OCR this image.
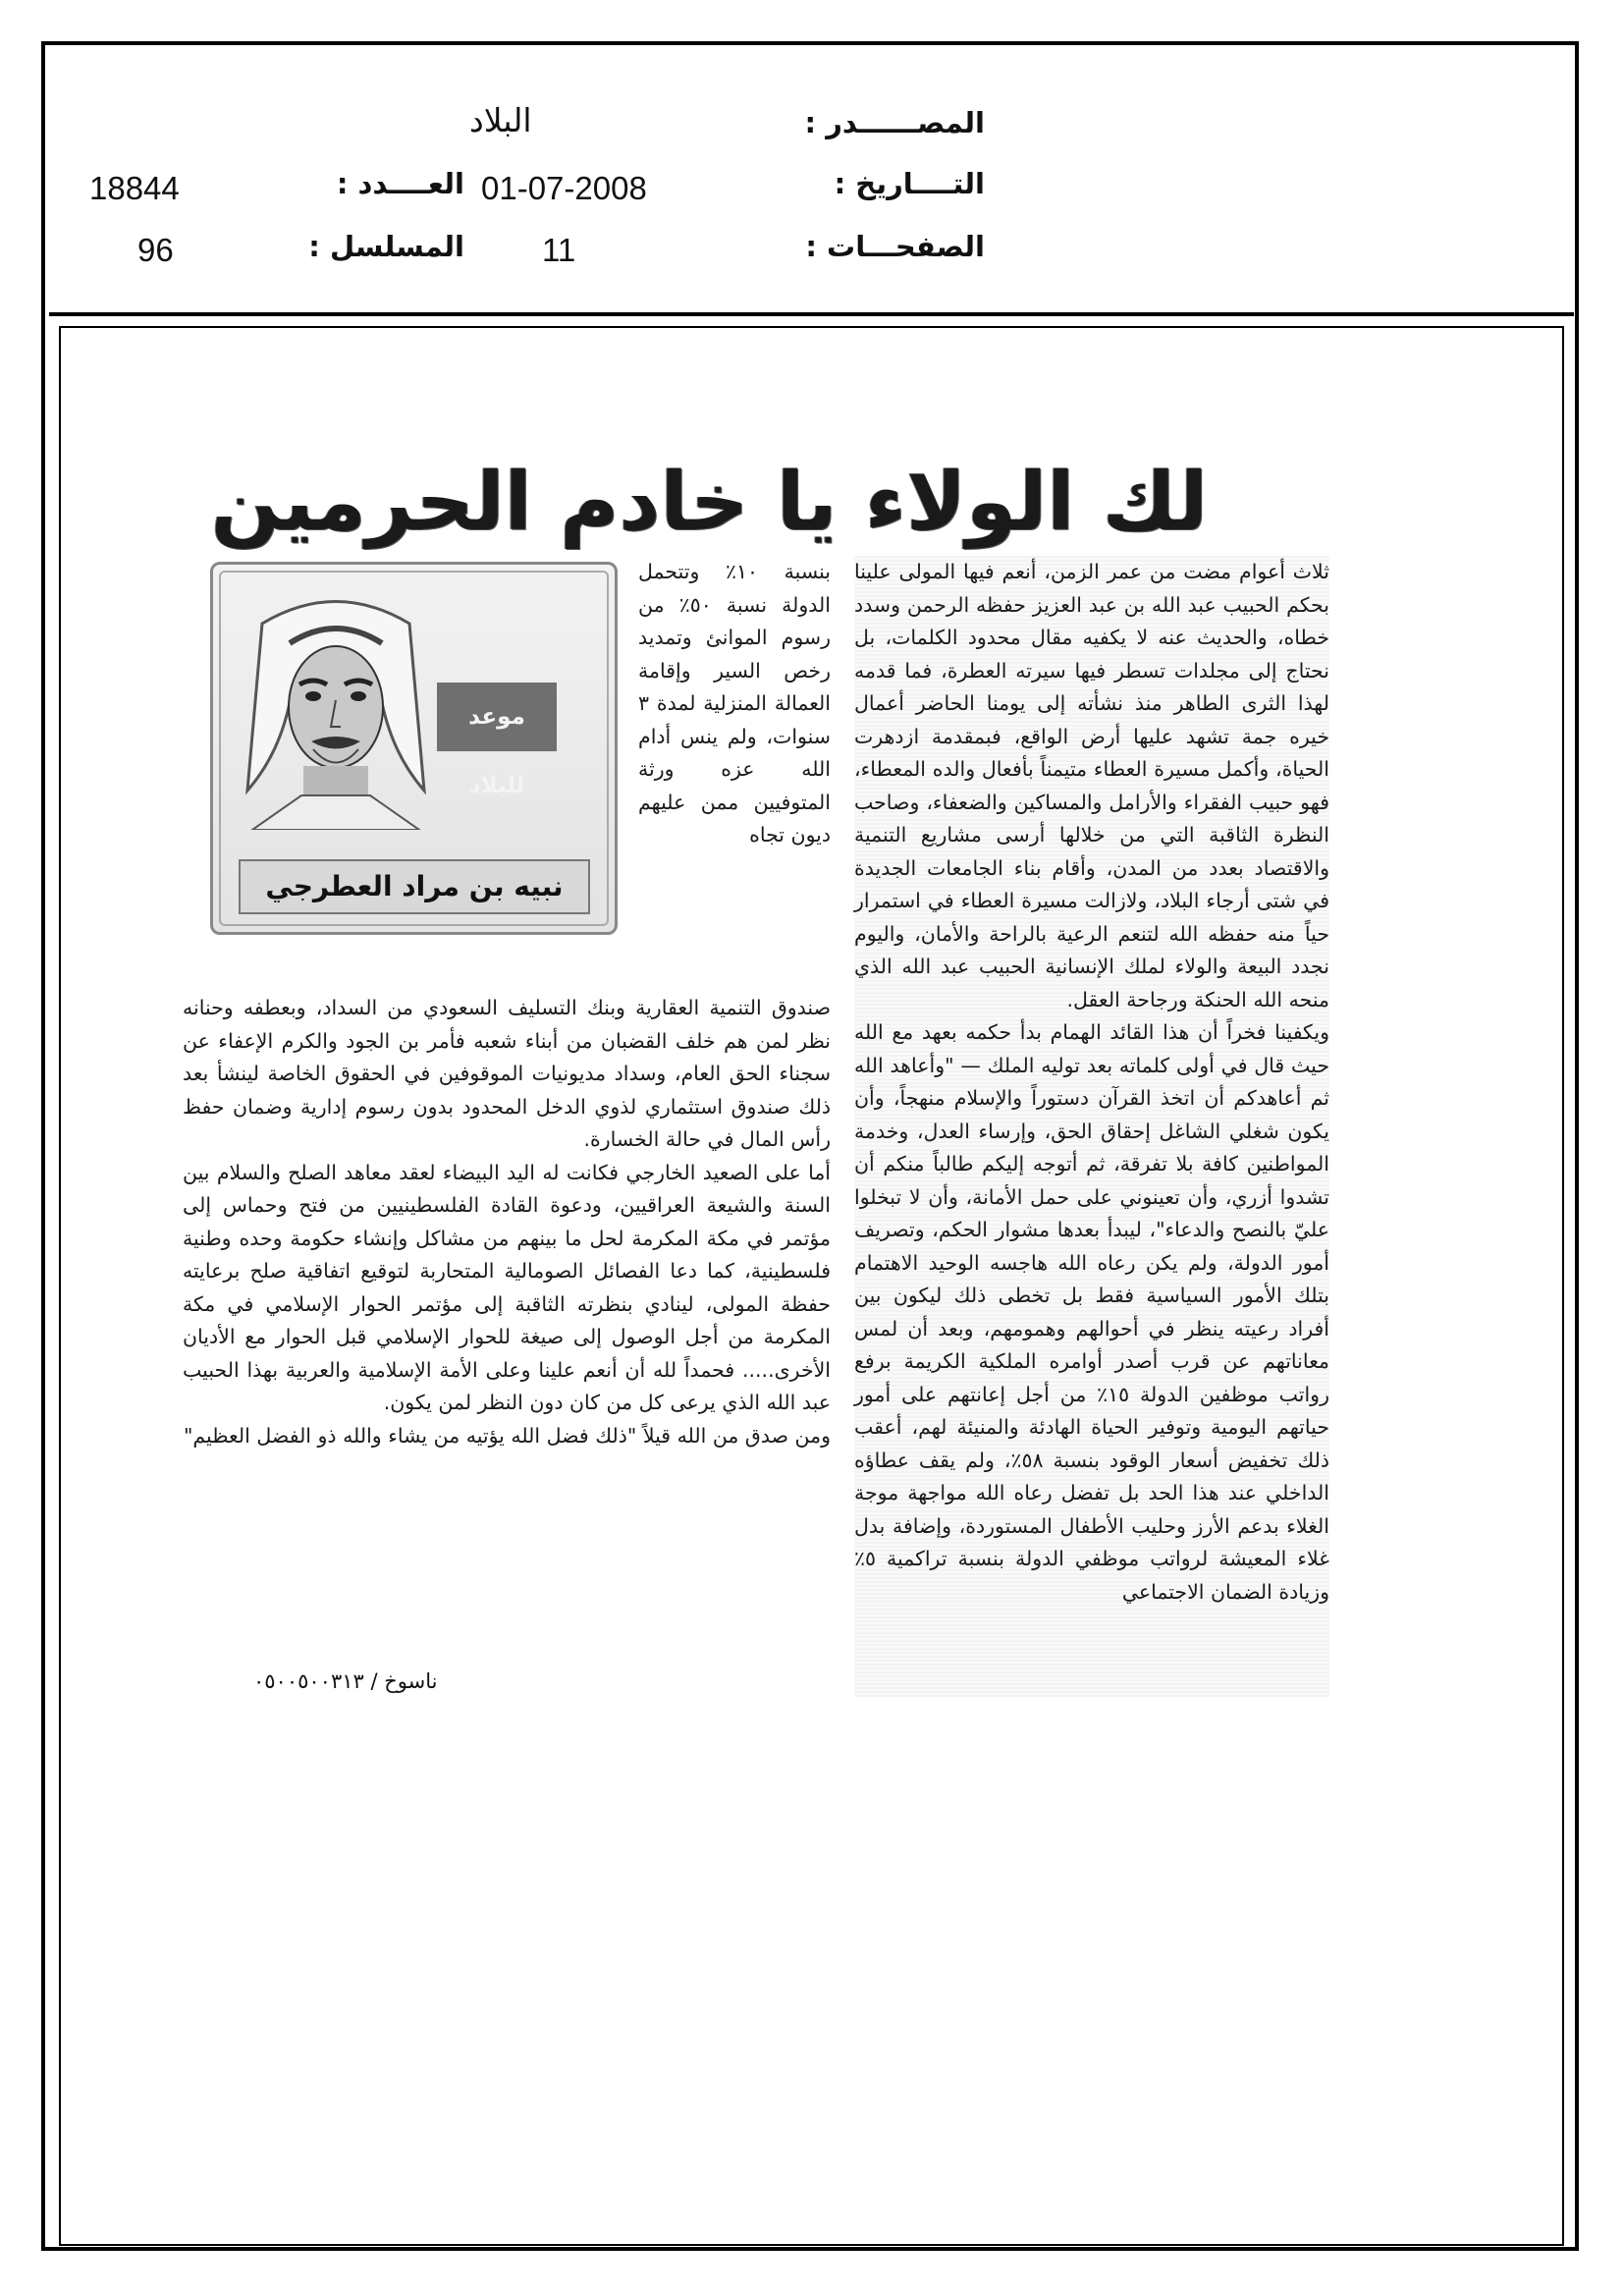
المصــــــدر :
البلاد
التــــاريخ :
01-07-2008
العــــدد :
18844
الصفحـــات :
11
المسلسل :
96
لك الولاء يا خادم الحرمين
موعد للبلاد
نبيه بن مراد العطرجي

ثلاث أعوام مضت من عمر الزمن، أنعم فيها المولى علينا بحكم الحبيب عبد الله بن عبد العزيز حفظه الرحمن وسدد خطاه، والحديث عنه لا يكفيه مقال محدود الكلمات، بل نحتاج إلى مجلدات تسطر فيها سيرته العطرة، فما قدمه لهذا الثرى الطاهر منذ نشأته إلى يومنا الحاضر أعمال خيره جمة تشهد عليها أرض الواقع، فبمقدمة ازدهرت الحياة، وأكمل مسيرة العطاء متيمناً بأفعال والده المعطاء، فهو حبيب الفقراء والأرامل والمساكين والضعفاء، وصاحب النظرة الثاقبة التي من خلالها أرسى مشاريع التنمية والاقتصاد بعدد من المدن، وأقام بناء الجامعات الجديدة في شتى أرجاء البلاد، ولازالت مسيرة العطاء في استمرار حياً منه حفظه الله لتنعم الرعية بالراحة والأمان، واليوم نجدد البيعة والولاء لملك الإنسانية الحبيب عبد الله الذي منحه الله الحنكة ورجاحة العقل.

ويكفينا فخراً أن هذا القائد الهمام بدأ حكمه بعهد مع الله حيث قال في أولى كلماته بعد توليه الملك — "وأعاهد الله ثم أعاهدكم أن اتخذ القرآن دستوراً والإسلام منهجاً، وأن يكون شغلي الشاغل إحقاق الحق، وإرساء العدل، وخدمة المواطنين كافة بلا تفرقة، ثم أتوجه إليكم طالباً منكم أن تشدوا أزري، وأن تعينوني على حمل الأمانة، وأن لا تبخلوا عليّ بالنصح والدعاء"، ليبدأ بعدها مشوار الحكم، وتصريف أمور الدولة، ولم يكن رعاه الله هاجسه الوحيد الاهتمام بتلك الأمور السياسية فقط بل تخطى ذلك ليكون بين أفراد رعيته ينظر في أحوالهم وهمومهم، وبعد أن لمس معاناتهم عن قرب أصدر أوامره الملكية الكريمة برفع رواتب موظفين الدولة ١٥٪ من أجل إعانتهم على أمور حياتهم اليومية وتوفير الحياة الهادئة والمنيئة لهم، أعقب ذلك تخفيض أسعار الوقود بنسبة ٥٨٪، ولم يقف عطاؤه الداخلي عند هذا الحد بل تفضل رعاه الله مواجهة موجة الغلاء بدعم الأرز وحليب الأطفال المستوردة، وإضافة بدل غلاء المعيشة لرواتب موظفي الدولة بنسبة تراكمية ٥٪ وزيادة الضمان الاجتماعي

بنسبة ١٠٪ وتتحمل الدولة نسبة ٥٠٪ من رسوم الموانئ وتمديد رخص السير وإقامة العمالة المنزلية لمدة ٣ سنوات، ولم ينس أدام الله عزه ورثة المتوفيين ممن عليهم ديون تجاه

صندوق التنمية العقارية وبنك التسليف السعودي من السداد، وبعطفه وحنانه نظر لمن هم خلف القضبان من أبناء شعبه فأمر بن الجود والكرم الإعفاء عن سجناء الحق العام، وسداد مديونيات الموقوفين في الحقوق الخاصة لينشأ بعد ذلك صندوق استثماري لذوي الدخل المحدود بدون رسوم إدارية وضمان حفظ رأس المال في حالة الخسارة.

أما على الصعيد الخارجي فكانت له اليد البيضاء لعقد معاهد الصلح والسلام بين السنة والشيعة العراقيين، ودعوة القادة الفلسطينيين من فتح وحماس إلى مؤتمر في مكة المكرمة لحل ما بينهم من مشاكل وإنشاء حكومة وحده وطنية فلسطينية، كما دعا الفصائل الصومالية المتحاربة لتوقيع اتفاقية صلح برعايته حفظة المولى، لينادي بنظرته الثاقبة إلى مؤتمر الحوار الإسلامي في مكة المكرمة من أجل الوصول إلى صيغة للحوار الإسلامي قبل الحوار مع الأديان الأخرى..... فحمداً لله أن أنعم علينا وعلى الأمة الإسلامية والعربية بهذا الحبيب عبد الله الذي يرعى كل من كان دون النظر لمن يكون.

ومن صدق من الله قيلاً "ذلك فضل الله يؤتيه من يشاء والله ذو الفضل العظيم"

ناسوخ / ٠٥٠٠٥٠٠٣١٣
